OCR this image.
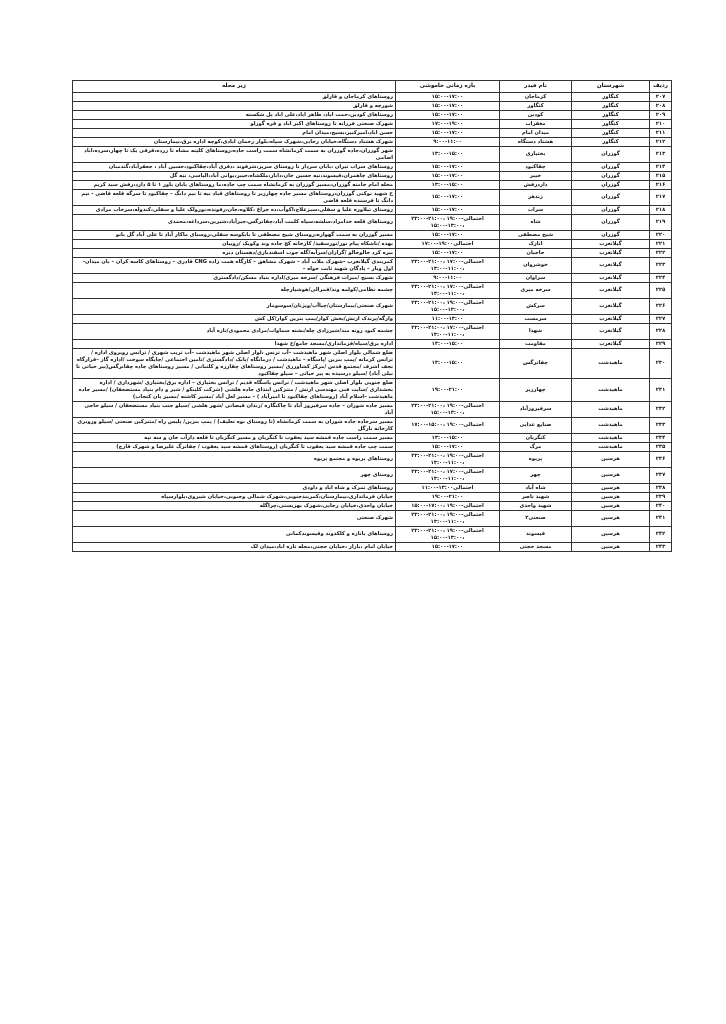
ردیف	شهرستان	نام فیدر	بازه زمانی خاموشی	زیر محله
۲۰۷	کنگاور	کرماجان	۱۵:۰۰-۱۷:۰۰	روستاهای کرماجان و قارلق
۲۰۸	کنگاور	کنگاور	۱۵:۰۰-۱۷:۰۰	شورچه و قارلق
۲۰۹	کنگاور	کودین	۱۵:۰۰-۱۷:۰۰	روستاهای کودین،حمت اباد، طاهر اباد،علی اباد پل شکسته
۲۱۰	کنگاور	مغفرات	۱۷:۰۰-۱۹:۰۰	شهرک صنعتی فرزانه تا روستاهای اکبر اباد و قره گوزلو
۲۱۱	کنگاور	میدان امام	۱۵:۰۰-۱۷:۰۰	حسن اباد،امیرکبیر،بسیج،میدان امام
۲۱۲	کنگاور	هشتاد دستگاه	۹:۰۰-۱۱:۰۰	شهرک هشتاد دستگاه،خیابان رجایی،شهرک سپاه،بلوار رحمان ابادی،کوچه اداره برق،بیمارستان
۲۱۳	گوزران	بختیاری	۱۳:۰۰-۱۵:۰۰	شهر گوزران،جاده گوزران به سمت کرمانشاه سمت راست جاده،روستاهای کلینه مشاه تا زرده،قرقی یک تا چهار،سرده،اباد اصامی
۲۱۴	گوزران	چقاکبود	۱۵:۰۰-۱۷:۰۰	روستاهای سراب تیران ،بابان سردار تا روستای سرپر،شرفوند ،دفری آباد،چقاکبود،حسین آباد ، جعفرآباد،گندمبان
۲۱۵	گوزران	خیبر	۱۵:۰۰-۱۷:۰۰	روستاهای چاهمران،قیسوند،نیه حسین خان،دابار،ملکشاه،خیبر،یوانی آباد،الیاسی، نیه گل
۲۱۶	گوزران	داردرفش	۱۳:۰۰-۱۵:۰۰	محله امام خامنه گوزران،مسیر گوزران به کرمانشاه سمت چپ جاده،ما روستاهای بابان یاور ۱ تا ۵ دارد،رفش سید کریم
۲۱۷	گوزران	زندهر	۱۵:۰۰-۱۷:۰۰	خ شهید نوکنی گوزران،روستاهای مسیر جاده چهارزبر تا روستاهای قباد نیه تا نیم دانگ - چقاکبود تا سرگه قلعه قاضی - نیم دانگ تا فرسنده قلعه قاضی
۲۱۸	گوزران	سراب	۱۵:۰۰-۱۷:۰۰	روستای تیلاوره علیا و سفلی،سبزعلاج،اکوآب،ده جراغ ،کلاوه،جان،رفونده،نورولک علیا و سفلی،کندوله،سرخاب مرادی
۲۱۹	گوزران	شاه	احتمالی-۱۹:۰۰ ،۲۱:۰۰-۲۳:۰۰ ،۱۳:۰۰-۱۵:۰۰	روستاهای قلعه خدامراد،سلشه،سیاه کلمت آباد،چقانرگس،جبرآباد،شیرین،سرداغه،محمدی
۲۲۰	گوزران	شیخ مصطفی	۱۵:۰۰-۱۷:۰۰	مسیر گوزران به سمت گهواره،روستای شیخ مصطفی تا بابکوسه سفلی،روستای ماکار آباد تا علی آباد گل بانو
۲۲۱	گیلانغرب	انارک	۱۷:۰۰-۱۹:۰۰احتمالی	بهده /ناشکاه پیام نور/نورسفید/ کارخانه کچ جاده وند وکوبک /روییان
۲۲۲	گیلانغرب	حاجیان	۱۵:۰۰-۱۷:۰۰	بیره کرد خالوخالو /گرازان/سرآبه/گله جوب اسفندیاری/دهستان دیره
۲۲۳	گیلانغرب	خوشروان	احتمالی-۱۷:۰۰ ،۲۱:۰۰-۲۳:۰۰ ،۱۱:۰۰-۱۳:۰۰	کمربندی گیلانغرب –شهرک ملات آباد – شهرک مشاهق – کارگاه همت زاده CNG قادری – روستاهای کاسه کران – بان میدان- اول وبار – پادگان شهید ثابت خواه –
۲۲۴	گیلانغرب	سراوان	۹:۰۰-۱۱:۰۰	شهرک بسیج /میراث فرهنگی /سرخه میری/اداره بنیاد مسکن/دادگستری
۲۲۵	گیلانغرب	سرخه میری	احتمالی-۱۷:۰۰ ،۲۱:۰۰-۲۳:۰۰ ،۱۱:۰۰-۱۳:۰۰	چشمه نظامی/کولمه وند/قمرالی/هوشیارچله
۲۲۶	گیلانغرب	سرکش	احتمالی-۱۹:۰۰ ،۲۱:۰۰-۲۳:۰۰ ،۱۳:۰۰-۱۵:۰۰	شهرک صنعتی/بیمارستان/چیاآب/ویژنان/سوسومار
۲۲۷	گیلانغرب	سرمست	۱۱:۰۰-۱۳:۰۰	وارگه/پرندک ارتش/بخش کوار/پمپ بنزین کوار/کل کش
۲۲۸	گیلانغرب	شهدا	احتمالی-۱۷:۰۰ ،۲۱:۰۰-۲۳:۰۰ ،۱۱:۰۰-۱۳:۰۰	چشمه کبود رونه مند/شیرزادی چله/بشته سماوات/مرادی محمودی/تازه آباد
۲۲۹	گیلانغرب	مقاومت	۱۳:۰۰-۱۵:۰۰	اداره برق/سپاه/فرمانداری/مسجد جامع/خ شهدا
۲۳۰	ماهیدشت	چقانرگس	۱۳:۰۰-۱۵:۰۰	ضلع شمالی بلوار اصلی شهر ماهیدشت –آب ترنس ،لوار اصلی شهر ماهیدشت –آب تریب شهری / ترانس روبروی اداره / ترانس کرمانه /پمپ بنزین /پاسگاه – ماهیدشت / درمانگاه /بانک /دادگستری /تامین اجتماعی /جایگاه سوخت /اداره گاز –قرارگاه نجف اشرف /مجتمع قدس /مرکز کشاورزی /مسیر روستاهای چقارزه و کلنبانی / مسیر روستاهای جاده چقانرگس(بیر حیاتی تا نیلی آباد) /سیلو درسیده به پیر حیاتی – سیلو چقاکبود
۲۳۱	ماهیدشت	چهارزبر	۱۹:۰۰-۲۱:۰۰	ضلع جنوبی بلوار اصلی شهر ماهیدشت / ترانس پاسگاه قدیم / ترانس بختیاری – اداره برق/بختیاری /شهرداری / اداره بخشداری /سایت فنی مهندسی ارتش / متنزکین ابتدای جاده هلشی (شرکت کلینکو / شیر و دام بنیاد مستضعفان) /مسیر جاده ماهیدشت –اسلام آباد (روستاهای چقاکبود تا امیرآباد ) – مسیر لعل آباد /مسیر کاشته /مسیر بان کنجاب)
۲۳۲	ماهیدشت	سرفیروزآباد	احتمالی-۱۹:۰۰ ،۲۱:۰۰-۲۳:۰۰ ،۱۳:۰۰-۱۵:۰۰	مسیر جاده شوران – جاده سرفیروز آباد تا چاکنگاره /زندان قیصانی /شهر هلشی /سیلو جنب بنیاد مستضعفان / سیلو حاجی آباد
۲۳۳	ماهیدشت	صنایع غذایی	احتمالی-۱۹:۰۰ ،۱۵:۰۰-۱۷:۰۰	مسیر سرجاده جاده شوران به سمت کرمانشاه (تا روستای نوه تعلیف) / پمپ بنزین/ پلیس راه /متنزکین صنعتی /سیلو وروبری کارخانه نارگل
۲۳۴	ماهیدشت	کنگربان	۱۳:۰۰-۱۵:۰۰	مسیر سمت راست جاده قمشه سید یعقوب تا کنگربان و مسیر کنگربان تا قلعه دارآب خان و سه تپه
۲۳۵	ماهیدشت	مرگ	۱۵:۰۰-۱۷:۰۰	سمت چپ جاده قمشه سید یعقوب تا کنگربان (روستاهای قمشه سید یعقوب / چقانرگ علیرضا و شهرک قارچ)
۲۳۶	هرسین	پریوه	احتمالی-۱۹:۰۰ ،۲۱:۰۰-۲۳:۰۰ ،۱۱:۰۰-۱۳:۰۰	روستاهای پریوه و مجتمع پریوه
۲۳۷	هرسین	چهر	احتمالی-۱۷:۰۰ ،۲۱:۰۰-۲۳:۰۰ ،۱۱:۰۰-۱۳:۰۰	روستای چهر
۲۳۸	هرسین	شاه آباد	۱۱:۰۰-۱۳:۰۰احتمالی	روستاهای تمرک و شاه اباد و داودی
۲۳۹	هرسین	شهید ناصر	۱۹:۰۰-۲۱:۰۰	خیابان فرمانداری،بیمارستان،کمربندجنوبی،شهرک شمالی وجنوبی،خیابان شیروی،بلوارسپاه
۲۴۰	هرسین	شهید واحدی	احتمالی-۱۹:۰۰ ،۱۷:۰۰-۱۵:۰۰	خیابان واحدی،خیابان رجایی،شهرک بهزیستی،چراگله
۲۴۱	هرسین	صنعتی۲	احتمالی-۱۹:۰۰ ،۲۱:۰۰-۲۳:۰۰ ،۱۱:۰۰-۱۳:۰۰	شهرک صنعتی
۲۴۲	هرسین	قیسوند	احتمالی-۱۹:۰۰ ،۲۱:۰۰-۲۳:۰۰ ،۱۳:۰۰-۱۵:۰۰	روستاهای بانازه و کلکدوند وقیسوندکمانی
۲۴۳	هرسین	مسجد حجتی	۱۵:۰۰-۱۷:۰۰	خیابان امام ،بازار ،خیابان حجتی،محله تازه اباد،میدان لک
